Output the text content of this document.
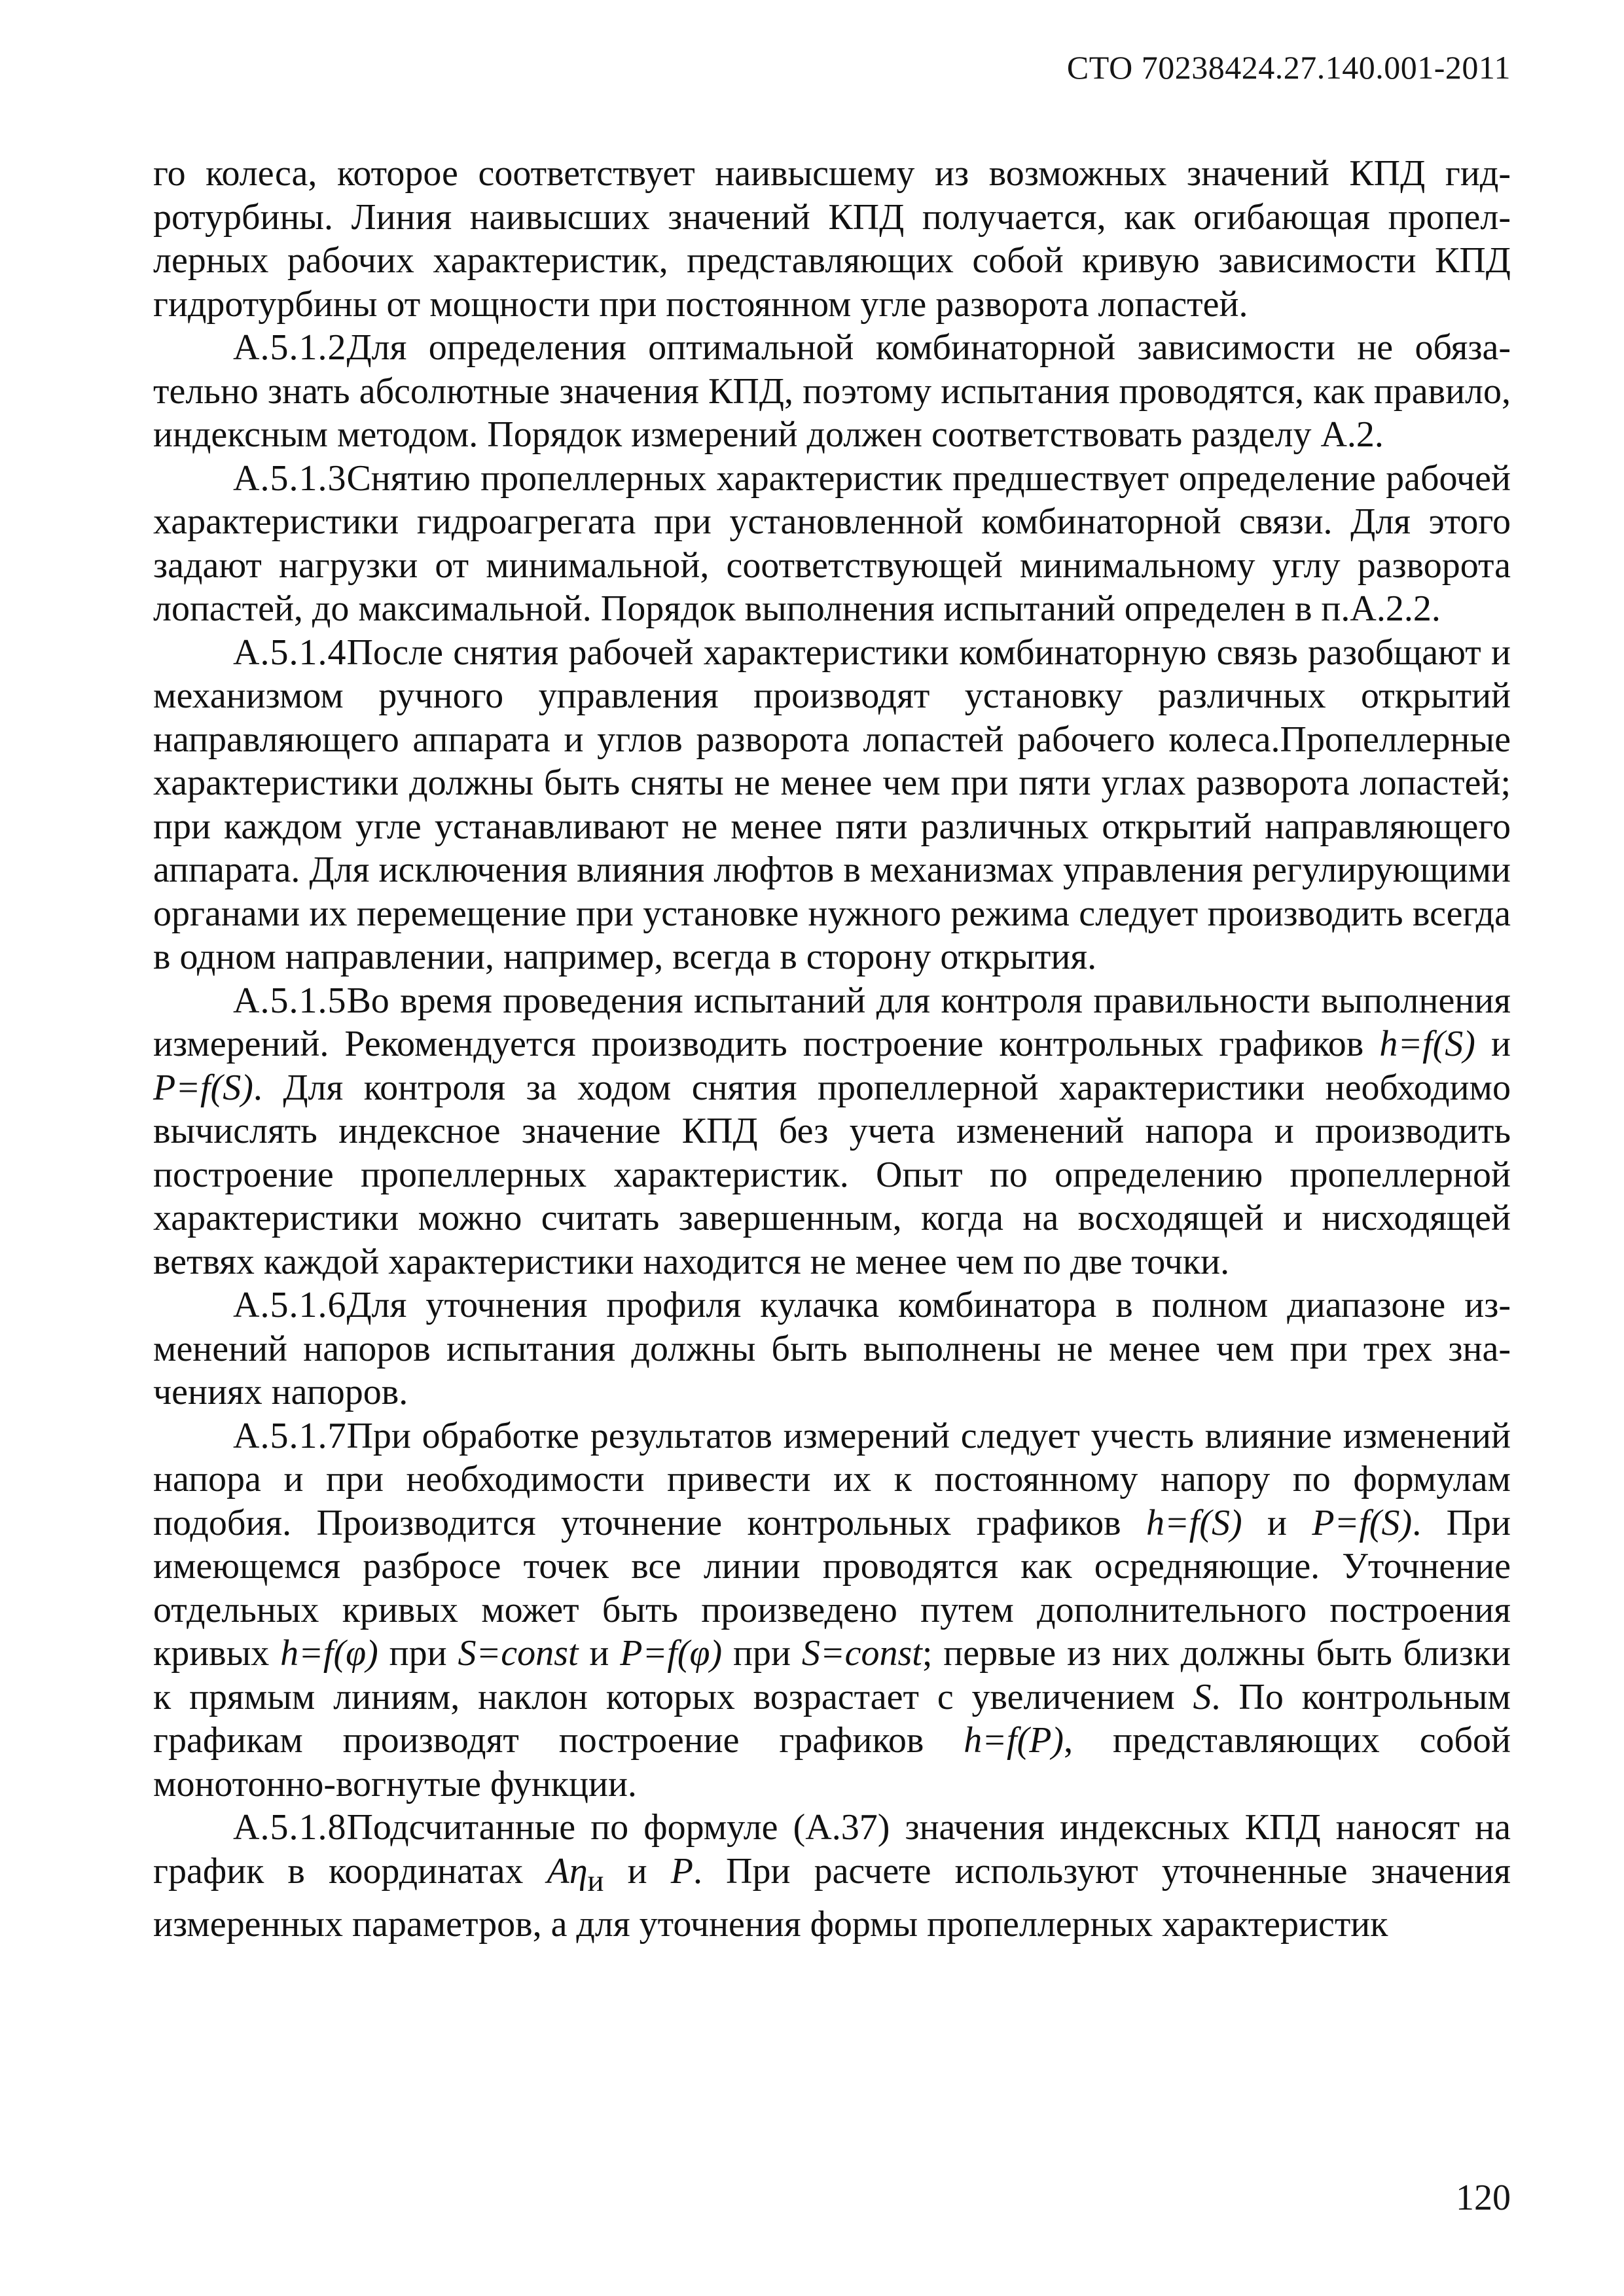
СТО 70238424.27.140.001-2011

го колеса, которое соответствует наивысшему из возможных значений КПД гидротурбины. Линия наивысших значений КПД получается, как огибающая пропеллерных рабочих характеристик, представляющих собой кривую зависимости КПД гидротурбины от мощности при постоянном угле разворота лопастей.

А.5.1.2Для определения оптимальной комбинаторной зависимости не обязательно знать абсолютные значения КПД, поэтому испытания проводятся, как правило, индексным методом. Порядок измерений должен соответствовать разделу А.2.

А.5.1.3Снятию пропеллерных характеристик предшествует определение рабочей характеристики гидроагрегата при установленной комбинаторной связи. Для этого задают нагрузки от минимальной, соответствующей минимальному углу разворота лопастей, до максимальной. Порядок выполнения испытаний определен в п.А.2.2.

А.5.1.4После снятия рабочей характеристики комбинаторную связь разобщают и механизмом ручного управления производят установку различных открытий направляющего аппарата и углов разворота лопастей рабочего колеса.Пропеллерные характеристики должны быть сняты не менее чем при пяти углах разворота лопастей; при каждом угле устанавливают не менее пяти различных открытий направляющего аппарата. Для исключения влияния люфтов в механизмах управления регулирующими органами их перемещение при установке нужного режима следует производить всегда в одном направлении, например, всегда в сторону открытия.

А.5.1.5Во время проведения испытаний для контроля правильности выполнения измерений. Рекомендуется производить построение контрольных графиков h=f(S) и P=f(S). Для контроля за ходом снятия пропеллерной характеристики необходимо вычислять индексное значение КПД без учета изменений напора и производить построение пропеллерных характеристик. Опыт по определению пропеллерной характеристики можно считать завершенным, когда на восходящей и нисходящей ветвях каждой характеристики находится не менее чем по две точки.

А.5.1.6Для уточнения профиля кулачка комбинатора в полном диапазоне изменений напоров испытания должны быть выполнены не менее чем при трех значениях напоров.

А.5.1.7При обработке результатов измерений следует учесть влияние изменений напора и при необходимости привести их к постоянному напору по формулам подобия. Производится уточнение контрольных графиков h=f(S) и P=f(S). При имеющемся разбросе точек все линии проводятся как осредняющие. Уточнение отдельных кривых может быть произведено путем дополнительного построения кривых h=f(φ) при S=const и P=f(φ) при S=const; первые из них должны быть близки к прямым линиям, наклон которых возрастает с увеличением S. По контрольным графикам производят построение графиков h=f(P), представляющих собой монотонно-вогнутые функции.

А.5.1.8Подсчитанные по формуле (А.37) значения индексных КПД наносят на график в координатах $A\eta_и$ и P. При расчете используют уточненные значения измеренных параметров, а для уточнения формы пропеллерных характеристик

120
